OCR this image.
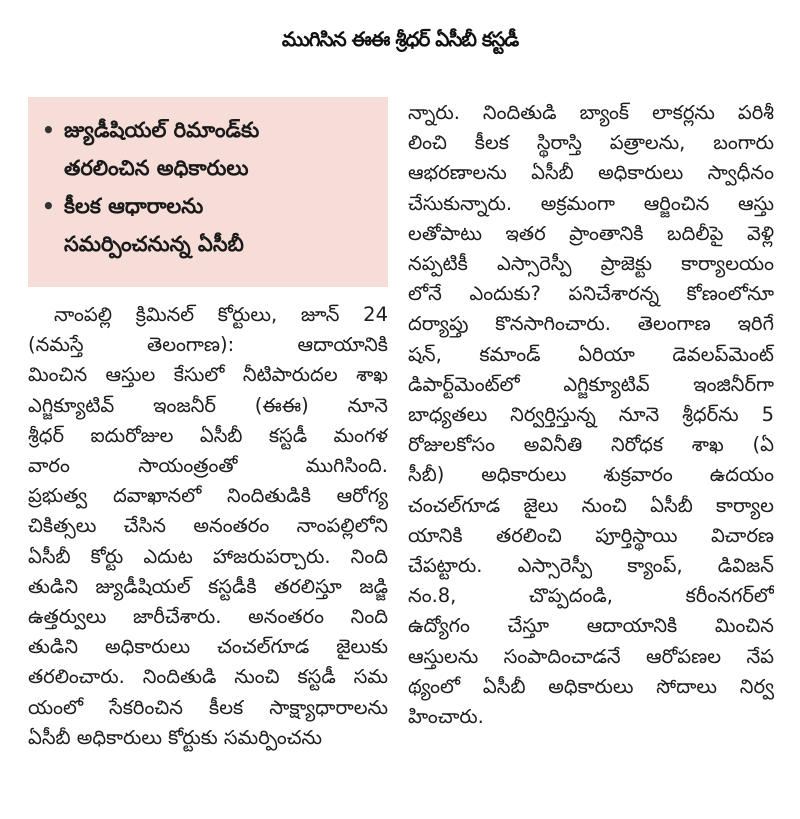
ముగిసిన ఈఈ శ్రీధర్ ఏసీబీ కస్టడీ
• జ్యుడీషియల్ రిమాండ్‌కు
తరలించిన అధికారులు
• కీలక ఆధారాలను
సమర్పించనున్న ఏసీబీ
నాంపల్లి క్రిమినల్ కోర్టులు, జూన్ 24
(నమస్తే తెలంగాణ): ఆదాయానికి
మించిన ఆస్తుల కేసులో నీటిపారుదల శాఖ
ఎగ్జిక్యూటివ్ ఇంజనీర్ (ఈఈ) నూనె
శ్రీధర్ ఐదురోజుల ఏసీబీ కస్టడీ మంగళ
వారం సాయంత్రంతో ముగిసింది.
ప్రభుత్వ దవాఖానలో నిందితుడికి ఆరోగ్య
చికిత్సలు చేసిన అనంతరం నాంపల్లిలోని
ఏసీబీ కోర్టు ఎదుట హాజరుపర్చారు. నింది
తుడిని జ్యుడీషియల్ కస్టడీకి తరలిస్తూ జడ్జి
ఉత్తర్వులు జారీచేశారు. అనంతరం నింది
తుడిని అధికారులు చంచల్‌గూడ జైలుకు
తరలించారు. నిందితుడి నుంచి కస్టడీ సమ
యంలో సేకరించిన కీలక సాక్ష్యాధారాలను
ఏసీబీ అధికారులు కోర్టుకు సమర్పించను
న్నారు. నిందితుడి బ్యాంక్ లాకర్లను పరిశీ
లించి కీలక స్థిరాస్తి పత్రాలను, బంగారు
ఆభరణాలను ఏసీబీ అధికారులు స్వాధీనం
చేసుకున్నారు. అక్రమంగా ఆర్జించిన ఆస్తు
లతోపాటు ఇతర ప్రాంతానికి బదిలీపై వెళ్లి
నప్పటికీ ఎస్సారెస్పీ ప్రాజెక్టు కార్యాలయం
లోనే ఎందుకు? పనిచేశారన్న కోణంలోనూ
దర్యాప్తు కొనసాగించారు. తెలంగాణ ఇరిగే
షన్, కమాండ్ ఏరియా డెవలప్‌మెంట్
డిపార్ట్‌మెంట్‌లో ఎగ్జిక్యూటివ్ ఇంజినీర్‌గా
బాధ్యతలు నిర్వర్తిస్తున్న నూనె శ్రీధర్‌ను 5
రోజులకోసం అవినీతి నిరోధక శాఖ (ఏ
సీబీ) అధికారులు శుక్రవారం ఉదయం
చంచల్‌గూడ జైలు నుంచి ఏసీబీ కార్యాల
యానికి తరలించి పూర్తిస్థాయి విచారణ
చేపట్టారు. ఎస్సారెస్పీ క్యాంప్, డివిజన్
నం.8, చొప్పదండి, కరీంనగర్‌లో
ఉద్యోగం చేస్తూ ఆదాయానికి మించిన
ఆస్తులను సంపాదించాడనే ఆరోపణల నేప
థ్యంలో ఏసీబీ అధికారులు సోదాలు నిర్వ
హించారు.
